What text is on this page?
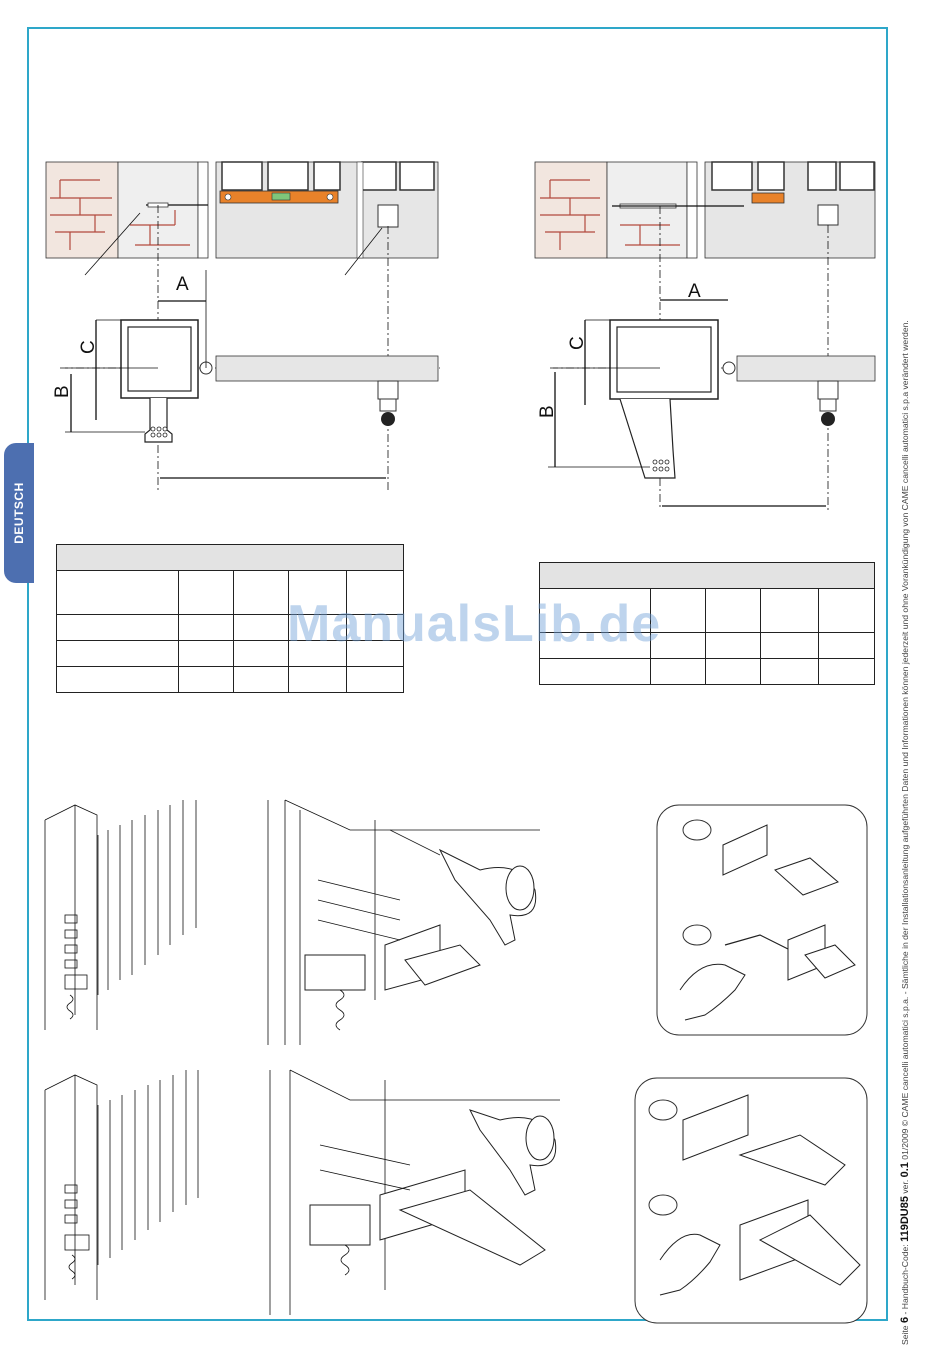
DEUTSCH
Seite 6 - Handbuch-Code: 119DU85 ver. 0.1 01/2009 © CAME cancelli automatici s.p.a. - Sämtliche in der Installationsanleitung aufgeführten Daten und Informationen können jederzeit und ohne Vorankündigung von CAME cancelli automatici s.p.a verändert werden.
A
C
B
A
C
B

ManualsLib.de
